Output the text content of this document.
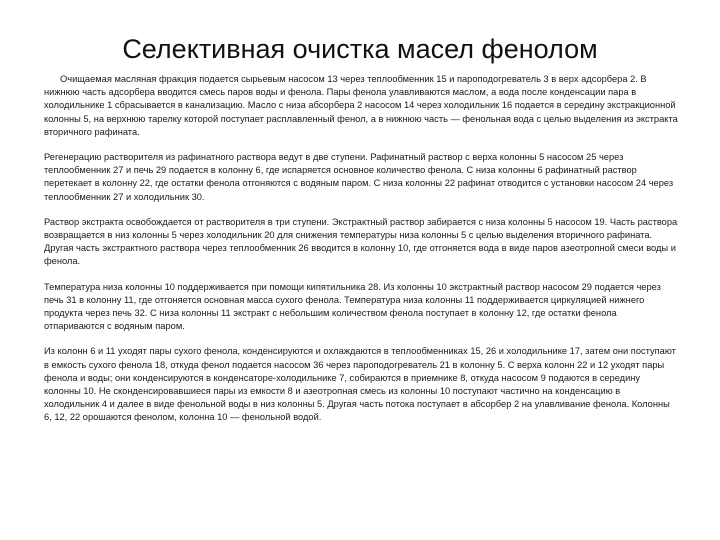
Селективная очистка масел фенолом

Очищаемая масляная фракция подается сырьевым насосом 13 через теплообменник 15 и пароподогреватель 3 в верх адсорбера 2. В нижнюю часть адсорбера вводится смесь паров воды и фенола. Пары фенола улавливаются маслом, а вода после конденсации пара в холодильнике 1 сбрасывается в канализацию. Масло с низа абсорбера 2 насосом 14 через холодильник 16 подается в середину экстракционной колонны 5, на верхнюю тарелку которой поступает расплавленный фенол, а в нижнюю часть — фенольная вода с целью выделения из экстракта вторичного рафината.

Регенерацию растворителя из рафинатного раствора ведут в две ступени. Рафинатный раствор с верха колонны 5 насосом 25 через теплообменник 27 и печь 29 подается в колонну 6, где испаряется основное количество фенола. С низа колонны 6 рафинатный раствор перетекает в колонну 22, где остатки фенола отгоняются с водяным паром. С низа колонны 22 рафинат отводится с установки насосом 24 через теплообменник 27 и холодильник 30.

Раствор экстракта освобождается от растворителя в три ступени. Экстрактный раствор забирается с низа колонны 5 насосом 19. Часть раствора возвращается в низ колонны 5 через холодильник 20 для снижения температуры низа колонны 5 с целью выделения вторичного рафината. Другая часть экстрактного раствора через теплообменник 26 вводится в колонну 10, где отгоняется вода в виде паров азеотропной смеси воды и фенола.

Температура низа колонны 10 поддерживается при помощи кипятильника 28. Из колонны 10 экстрактный раствор насосом 29 подается через печь 31 в колонну 11, где отгоняется основная масса сухого фенола. Температура низа колонны 11 поддерживается циркуляцией нижнего продукта через печь 32. С низа колонны 11 экстракт с небольшим количеством фенола поступает в колонну 12, где остатки фенола отпариваются с водяным паром.

Из колонн 6 и 11 уходят пары сухого фенола, конденсируются и охлаждаются в теплообменниках 15, 26 и холодильнике 17, затем они поступают в емкость сухого фенола 18, откуда фенол подается насосом 36 через пароподогреватель 21 в колонну 5. С верха колонн 22 и 12 уходят пары фенола и воды; они конденсируются в конденсаторе-холодильнике 7, собираются в приемнике 8, откуда насосом 9 подаются в середину колонны 10. Не сконденсировавшиеся пары из емкости 8 и азеотропная смесь из колонны 10 поступают частично на конденсацию в холодильник 4 и далее в виде фенольной воды в низ колонны 5. Другая часть потока поступает в абсорбер 2 на улавливание фенола. Колонны 6, 12, 22 орошаются фенолом, колонна 10 — фенольной водой.
